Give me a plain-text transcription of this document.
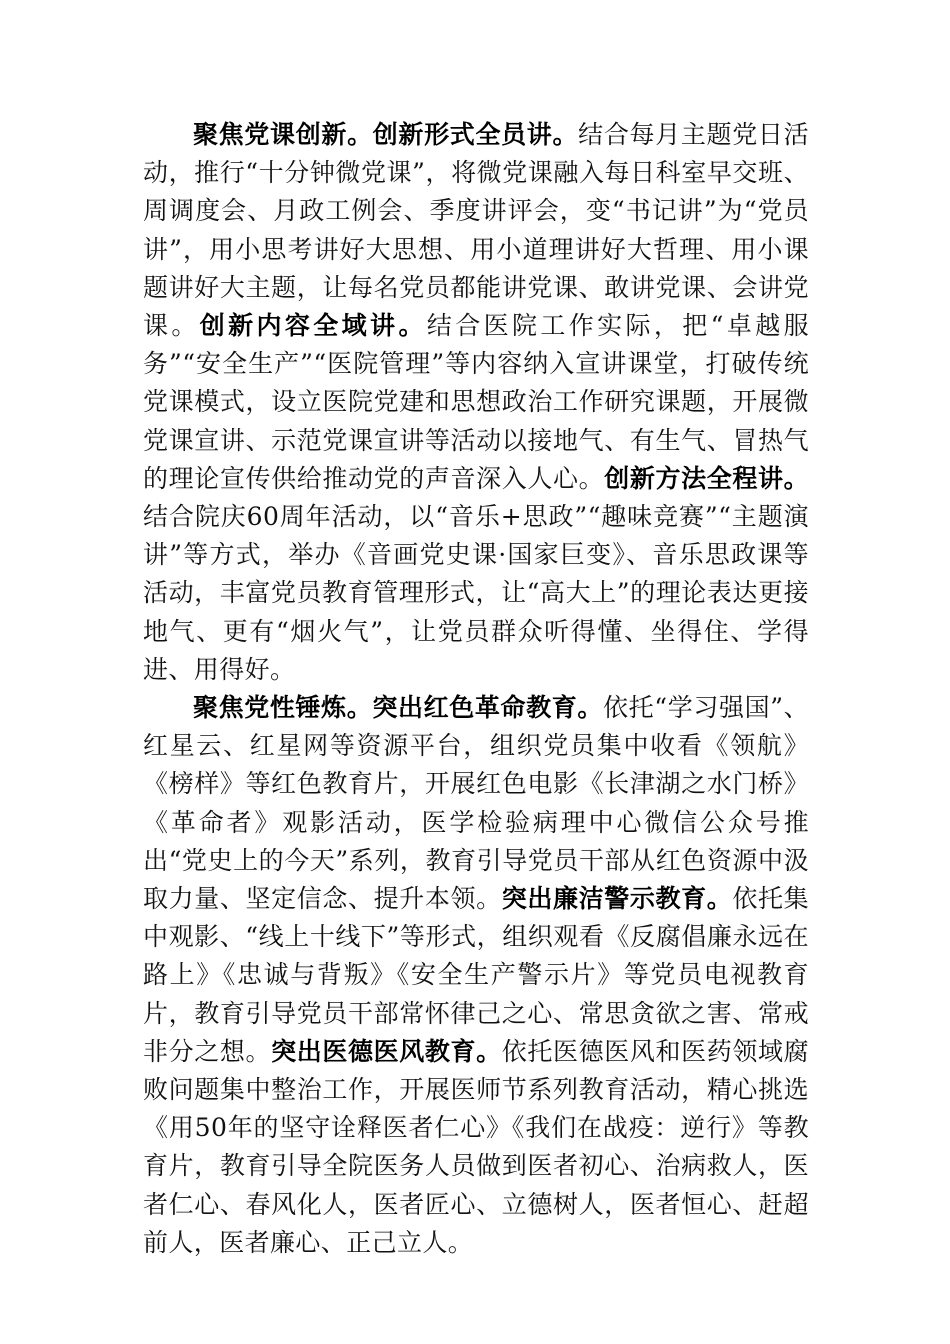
聚焦党课创新。创新形式全员讲。结合每月主题党日活动，推行“十分钟微党课”，将微党课融入每日科室早交班、周调度会、月政工例会、季度讲评会，变“书记讲”为“党员讲”，用小思考讲好大思想、用小道理讲好大哲理、用小课题讲好大主题，让每名党员都能讲党课、敢讲党课、会讲党课。创新内容全域讲。结合医院工作实际，把“卓越服务”“安全生产”“医院管理”等内容纳入宣讲课堂，打破传统党课模式，设立医院党建和思想政治工作研究课题，开展微党课宣讲、示范党课宣讲等活动以接地气、有生气、冒热气的理论宣传供给推动党的声音深入人心。创新方法全程讲。结合院庆60周年活动，以“音乐+思政”“趣味竞赛”“主题演讲”等方式，举办《音画党史课·国家巨变》、音乐思政课等活动，丰富党员教育管理形式，让“高大上”的理论表达更接地气、更有“烟火气”，让党员群众听得懂、坐得住、学得进、用得好。

聚焦党性锤炼。突出红色革命教育。依托“学习强国”、红星云、红星网等资源平台，组织党员集中收看《领航》《榜样》等红色教育片，开展红色电影《长津湖之水门桥》《革命者》观影活动，医学检验病理中心微信公众号推出“党史上的今天”系列，教育引导党员干部从红色资源中汲取力量、坚定信念、提升本领。突出廉洁警示教育。依托集中观影、“线上十线下”等形式，组织观看《反腐倡廉永远在路上》《忠诚与背叛》《安全生产警示片》等党员电视教育片，教育引导党员干部常怀律己之心、常思贪欲之害、常戒非分之想。突出医德医风教育。依托医德医风和医药领域腐败问题集中整治工作，开展医师节系列教育活动，精心挑选《用50年的坚守诠释医者仁心》《我们在战疫：逆行》等教育片，教育引导全院医务人员做到医者初心、治病救人，医者仁心、春风化人，医者匠心、立德树人，医者恒心、赶超前人，医者廉心、正己立人。
